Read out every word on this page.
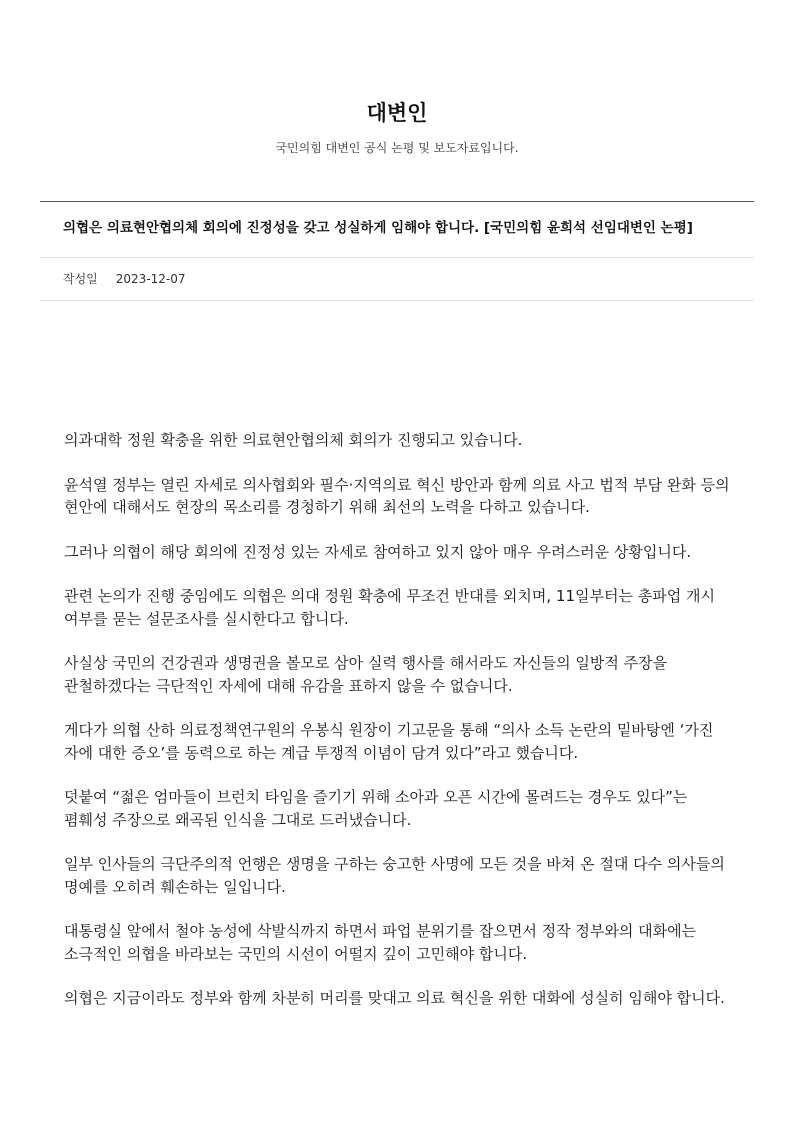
대변인
국민의힘 대변인 공식 논평 및 보도자료입니다.
의협은 의료현안협의체 회의에 진정성을 갖고 성실하게 임해야 합니다. [국민의힘 윤희석 선임대변인 논평]
작성일 2023-12-07

의과대학 정원 확충을 위한 의료현안협의체 회의가 진행되고 있습니다.

윤석열 정부는 열린 자세로 의사협회와 필수·지역의료 혁신 방안과 함께 의료 사고 법적 부담 완화 등의 현안에 대해서도 현장의 목소리를 경청하기 위해 최선의 노력을 다하고 있습니다.

그러나 의협이 해당 회의에 진정성 있는 자세로 참여하고 있지 않아 매우 우려스러운 상황입니다.

관련 논의가 진행 중임에도 의협은 의대 정원 확충에 무조건 반대를 외치며, 11일부터는 총파업 개시 여부를 묻는 설문조사를 실시한다고 합니다.

사실상 국민의 건강권과 생명권을 볼모로 삼아 실력 행사를 해서라도 자신들의 일방적 주장을 관철하겠다는 극단적인 자세에 대해 유감을 표하지 않을 수 없습니다.

게다가 의협 산하 의료정책연구원의 우봉식 원장이 기고문을 통해 “의사 소득 논란의 밑바탕엔 ‘가진 자에 대한 증오’를 동력으로 하는 계급 투쟁적 이념이 담겨 있다”라고 했습니다.

덧붙여 “젊은 엄마들이 브런치 타임을 즐기기 위해 소아과 오픈 시간에 몰려드는 경우도 있다”는 폄훼성 주장으로 왜곡된 인식을 그대로 드러냈습니다.

일부 인사들의 극단주의적 언행은 생명을 구하는 숭고한 사명에 모든 것을 바쳐 온 절대 다수 의사들의 명예를 오히려 훼손하는 일입니다.

대통령실 앞에서 철야 농성에 삭발식까지 하면서 파업 분위기를 잡으면서 정작 정부와의 대화에는 소극적인 의협을 바라보는 국민의 시선이 어떨지 깊이 고민해야 합니다.

의협은 지금이라도 정부와 함께 차분히 머리를 맞대고 의료 혁신을 위한 대화에 성실히 임해야 합니다.
